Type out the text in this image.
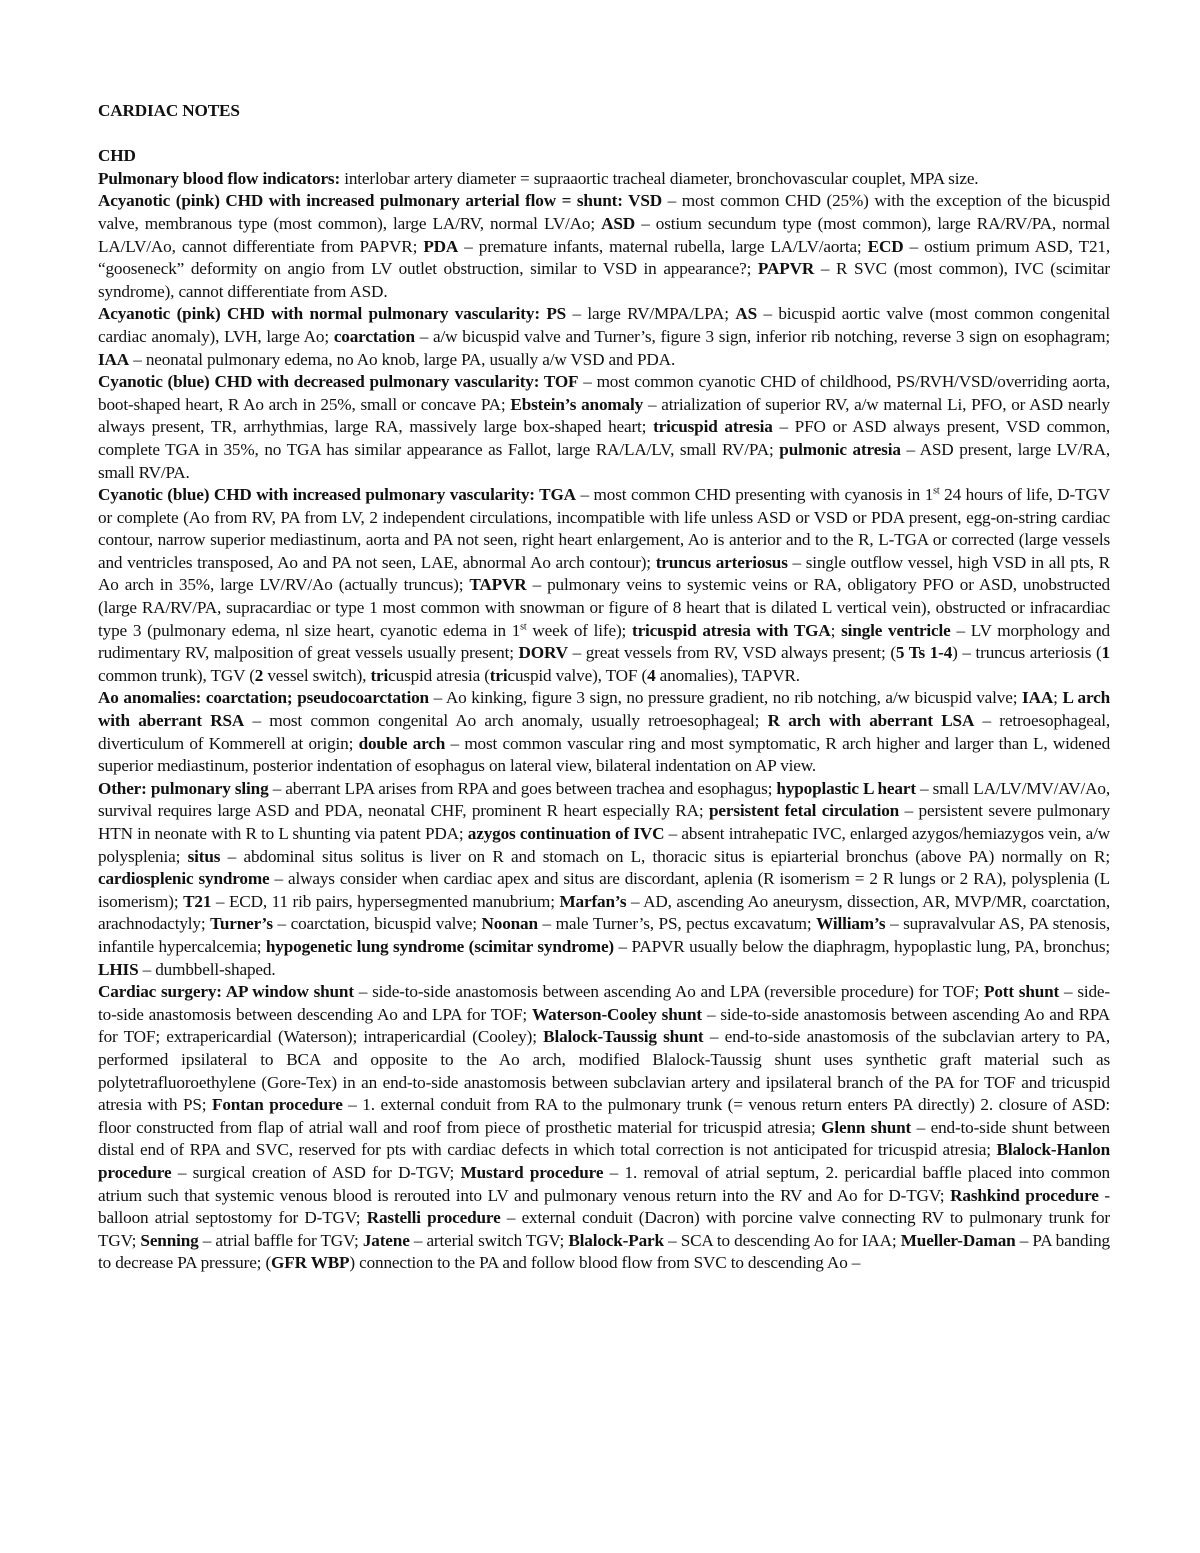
CARDIAC NOTES
CHD

Pulmonary blood flow indicators: interlobar artery diameter = supraaortic tracheal diameter, bronchovascular couplet, MPA size.

Acyanotic (pink) CHD with increased pulmonary arterial flow = shunt: VSD – most common CHD (25%) with the exception of the bicuspid valve, membranous type (most common), large LA/RV, normal LV/Ao; ASD – ostium secundum type (most common), large RA/RV/PA, normal LA/LV/Ao, cannot differentiate from PAPVR; PDA – premature infants, maternal rubella, large LA/LV/aorta; ECD – ostium primum ASD, T21, “gooseneck” deformity on angio from LV outlet obstruction, similar to VSD in appearance?; PAPVR – R SVC (most common), IVC (scimitar syndrome), cannot differentiate from ASD.

Acyanotic (pink) CHD with normal pulmonary vascularity: PS – large RV/MPA/LPA; AS – bicuspid aortic valve (most common congenital cardiac anomaly), LVH, large Ao; coarctation – a/w bicuspid valve and Turner’s, figure 3 sign, inferior rib notching, reverse 3 sign on esophagram; IAA – neonatal pulmonary edema, no Ao knob, large PA, usually a/w VSD and PDA.

Cyanotic (blue) CHD with decreased pulmonary vascularity: TOF – most common cyanotic CHD of childhood, PS/RVH/VSD/overriding aorta, boot-shaped heart, R Ao arch in 25%, small or concave PA; Ebstein’s anomaly – atrialization of superior RV, a/w maternal Li, PFO, or ASD nearly always present, TR, arrhythmias, large RA, massively large box-shaped heart; tricuspid atresia – PFO or ASD always present, VSD common, complete TGA in 35%, no TGA has similar appearance as Fallot, large RA/LA/LV, small RV/PA; pulmonic atresia – ASD present, large LV/RA, small RV/PA.

Cyanotic (blue) CHD with increased pulmonary vascularity: TGA – most common CHD presenting with cyanosis in 1st 24 hours of life, D-TGV or complete (Ao from RV, PA from LV, 2 independent circulations, incompatible with life unless ASD or VSD or PDA present, egg-on-string cardiac contour, narrow superior mediastinum, aorta and PA not seen, right heart enlargement, Ao is anterior and to the R, L-TGA or corrected (large vessels and ventricles transposed, Ao and PA not seen, LAE, abnormal Ao arch contour); truncus arteriosus – single outflow vessel, high VSD in all pts, R Ao arch in 35%, large LV/RV/Ao (actually truncus); TAPVR – pulmonary veins to systemic veins or RA, obligatory PFO or ASD, unobstructed (large RA/RV/PA, supracardiac or type 1 most common with snowman or figure of 8 heart that is dilated L vertical vein), obstructed or infracardiac type 3 (pulmonary edema, nl size heart, cyanotic edema in 1st week of life); tricuspid atresia with TGA; single ventricle – LV morphology and rudimentary RV, malposition of great vessels usually present; DORV – great vessels from RV, VSD always present; (5 Ts 1-4) – truncus arteriosis (1 common trunk), TGV (2 vessel switch), tricuspid atresia (tricuspid valve), TOF (4 anomalies), TAPVR.

Ao anomalies: coarctation; pseudocoarctation – Ao kinking, figure 3 sign, no pressure gradient, no rib notching, a/w bicuspid valve; IAA; L arch with aberrant RSA – most common congenital Ao arch anomaly, usually retroesophageal; R arch with aberrant LSA – retroesophageal, diverticulum of Kommerell at origin; double arch – most common vascular ring and most symptomatic, R arch higher and larger than L, widened superior mediastinum, posterior indentation of esophagus on lateral view, bilateral indentation on AP view.

Other: pulmonary sling – aberrant LPA arises from RPA and goes between trachea and esophagus; hypoplastic L heart – small LA/LV/MV/AV/Ao, survival requires large ASD and PDA, neonatal CHF, prominent R heart especially RA; persistent fetal circulation – persistent severe pulmonary HTN in neonate with R to L shunting via patent PDA; azygos continuation of IVC – absent intrahepatic IVC, enlarged azygos/hemiazygos vein, a/w polysplenia; situs – abdominal situs solitus is liver on R and stomach on L, thoracic situs is epiarterial bronchus (above PA) normally on R; cardiosplenic syndrome – always consider when cardiac apex and situs are discordant, aplenia (R isomerism = 2 R lungs or 2 RA), polysplenia (L isomerism); T21 – ECD, 11 rib pairs, hypersegmented manubrium; Marfan’s – AD, ascending Ao aneurysm, dissection, AR, MVP/MR, coarctation, arachnodactyly; Turner’s – coarctation, bicuspid valve; Noonan – male Turner’s, PS, pectus excavatum; William’s – supravalvular AS, PA stenosis, infantile hypercalcemia; hypogenetic lung syndrome (scimitar syndrome) – PAPVR usually below the diaphragm, hypoplastic lung, PA, bronchus; LHIS – dumbbell-shaped.

Cardiac surgery: AP window shunt – side-to-side anastomosis between ascending Ao and LPA (reversible procedure) for TOF; Pott shunt – side-to-side anastomosis between descending Ao and LPA for TOF; Waterson-Cooley shunt – side-to-side anastomosis between ascending Ao and RPA for TOF; extrapericardial (Waterson); intrapericardial (Cooley); Blalock-Taussig shunt – end-to-side anastomosis of the subclavian artery to PA, performed ipsilateral to BCA and opposite to the Ao arch, modified Blalock-Taussig shunt uses synthetic graft material such as polytetrafluoroethylene (Gore-Tex) in an end-to-side anastomosis between subclavian artery and ipsilateral branch of the PA for TOF and tricuspid atresia with PS; Fontan procedure – 1. external conduit from RA to the pulmonary trunk (= venous return enters PA directly) 2. closure of ASD: floor constructed from flap of atrial wall and roof from piece of prosthetic material for tricuspid atresia; Glenn shunt – end-to-side shunt between distal end of RPA and SVC, reserved for pts with cardiac defects in which total correction is not anticipated for tricuspid atresia; Blalock-Hanlon procedure – surgical creation of ASD for D-TGV; Mustard procedure – 1. removal of atrial septum, 2. pericardial baffle placed into common atrium such that systemic venous blood is rerouted into LV and pulmonary venous return into the RV and Ao for D-TGV; Rashkind procedure - balloon atrial septostomy for D-TGV; Rastelli procedure – external conduit (Dacron) with porcine valve connecting RV to pulmonary trunk for TGV; Senning – atrial baffle for TGV; Jatene – arterial switch TGV; Blalock-Park – SCA to descending Ao for IAA; Mueller-Daman – PA banding to decrease PA pressure; (GFR WBP) connection to the PA and follow blood flow from SVC to descending Ao –
